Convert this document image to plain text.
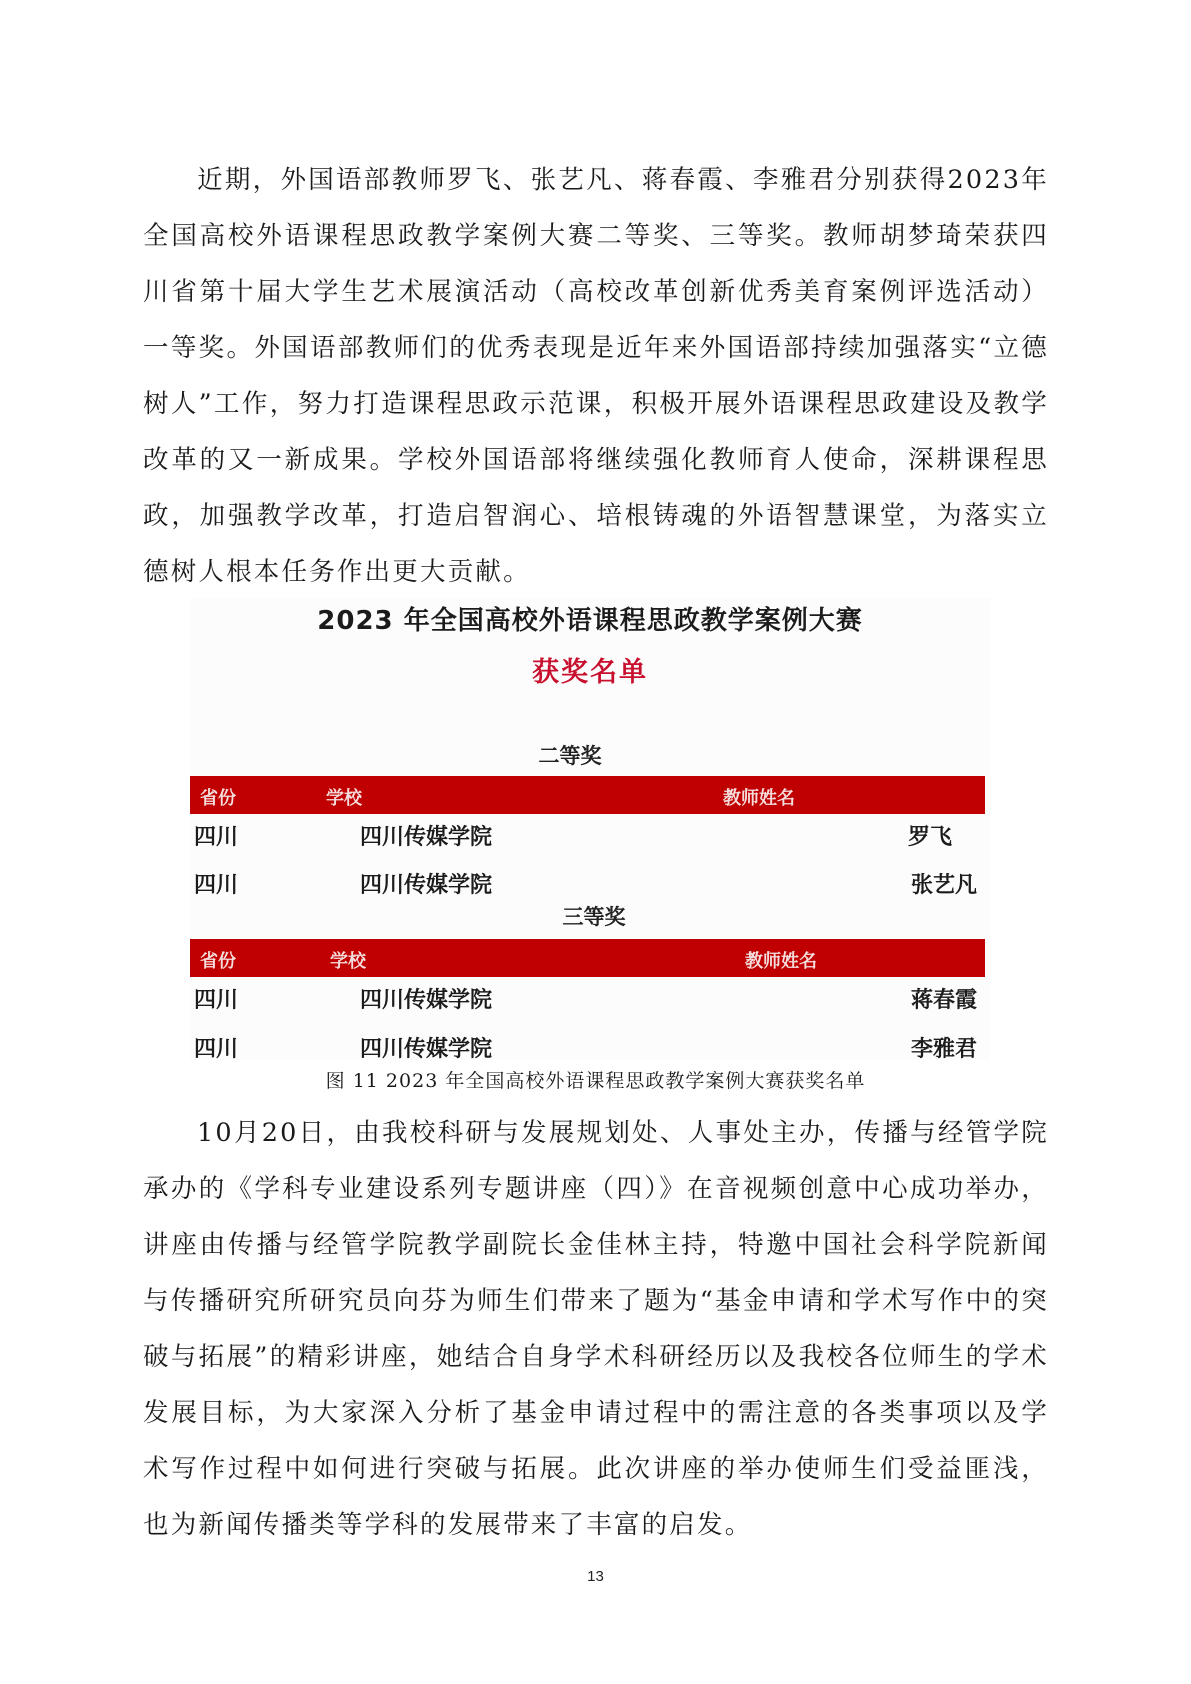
近期，外国语部教师罗飞、张艺凡、蒋春霞、李雅君分别获得2023年全国高校外语课程思政教学案例大赛二等奖、三等奖。教师胡梦琦荣获四川省第十届大学生艺术展演活动（高校改革创新优秀美育案例评选活动）一等奖。外国语部教师们的优秀表现是近年来外国语部持续加强落实“立德树人”工作，努力打造课程思政示范课，积极开展外语课程思政建设及教学改革的又一新成果。学校外国语部将继续强化教师育人使命，深耕课程思政，加强教学改革，打造启智润心、培根铸魂的外语智慧课堂，为落实立德树人根本任务作出更大贡献。
2023 年全国高校外语课程思政教学案例大赛
获奖名单
二等奖
省份	学校	教师姓名
四川	四川传媒学院	罗飞
四川	四川传媒学院	张艺凡
三等奖
省份	学校	教师姓名
四川	四川传媒学院	蒋春霞
四川	四川传媒学院	李雅君
图 11 2023 年全国高校外语课程思政教学案例大赛获奖名单
10月20日，由我校科研与发展规划处、人事处主办，传播与经管学院承办的《学科专业建设系列专题讲座（四）》在音视频创意中心成功举办，讲座由传播与经管学院教学副院长金佳林主持，特邀中国社会科学院新闻与传播研究所研究员向芬为师生们带来了题为“基金申请和学术写作中的突破与拓展”的精彩讲座，她结合自身学术科研经历以及我校各位师生的学术发展目标，为大家深入分析了基金申请过程中的需注意的各类事项以及学术写作过程中如何进行突破与拓展。此次讲座的举办使师生们受益匪浅，也为新闻传播类等学科的发展带来了丰富的启发。
13
